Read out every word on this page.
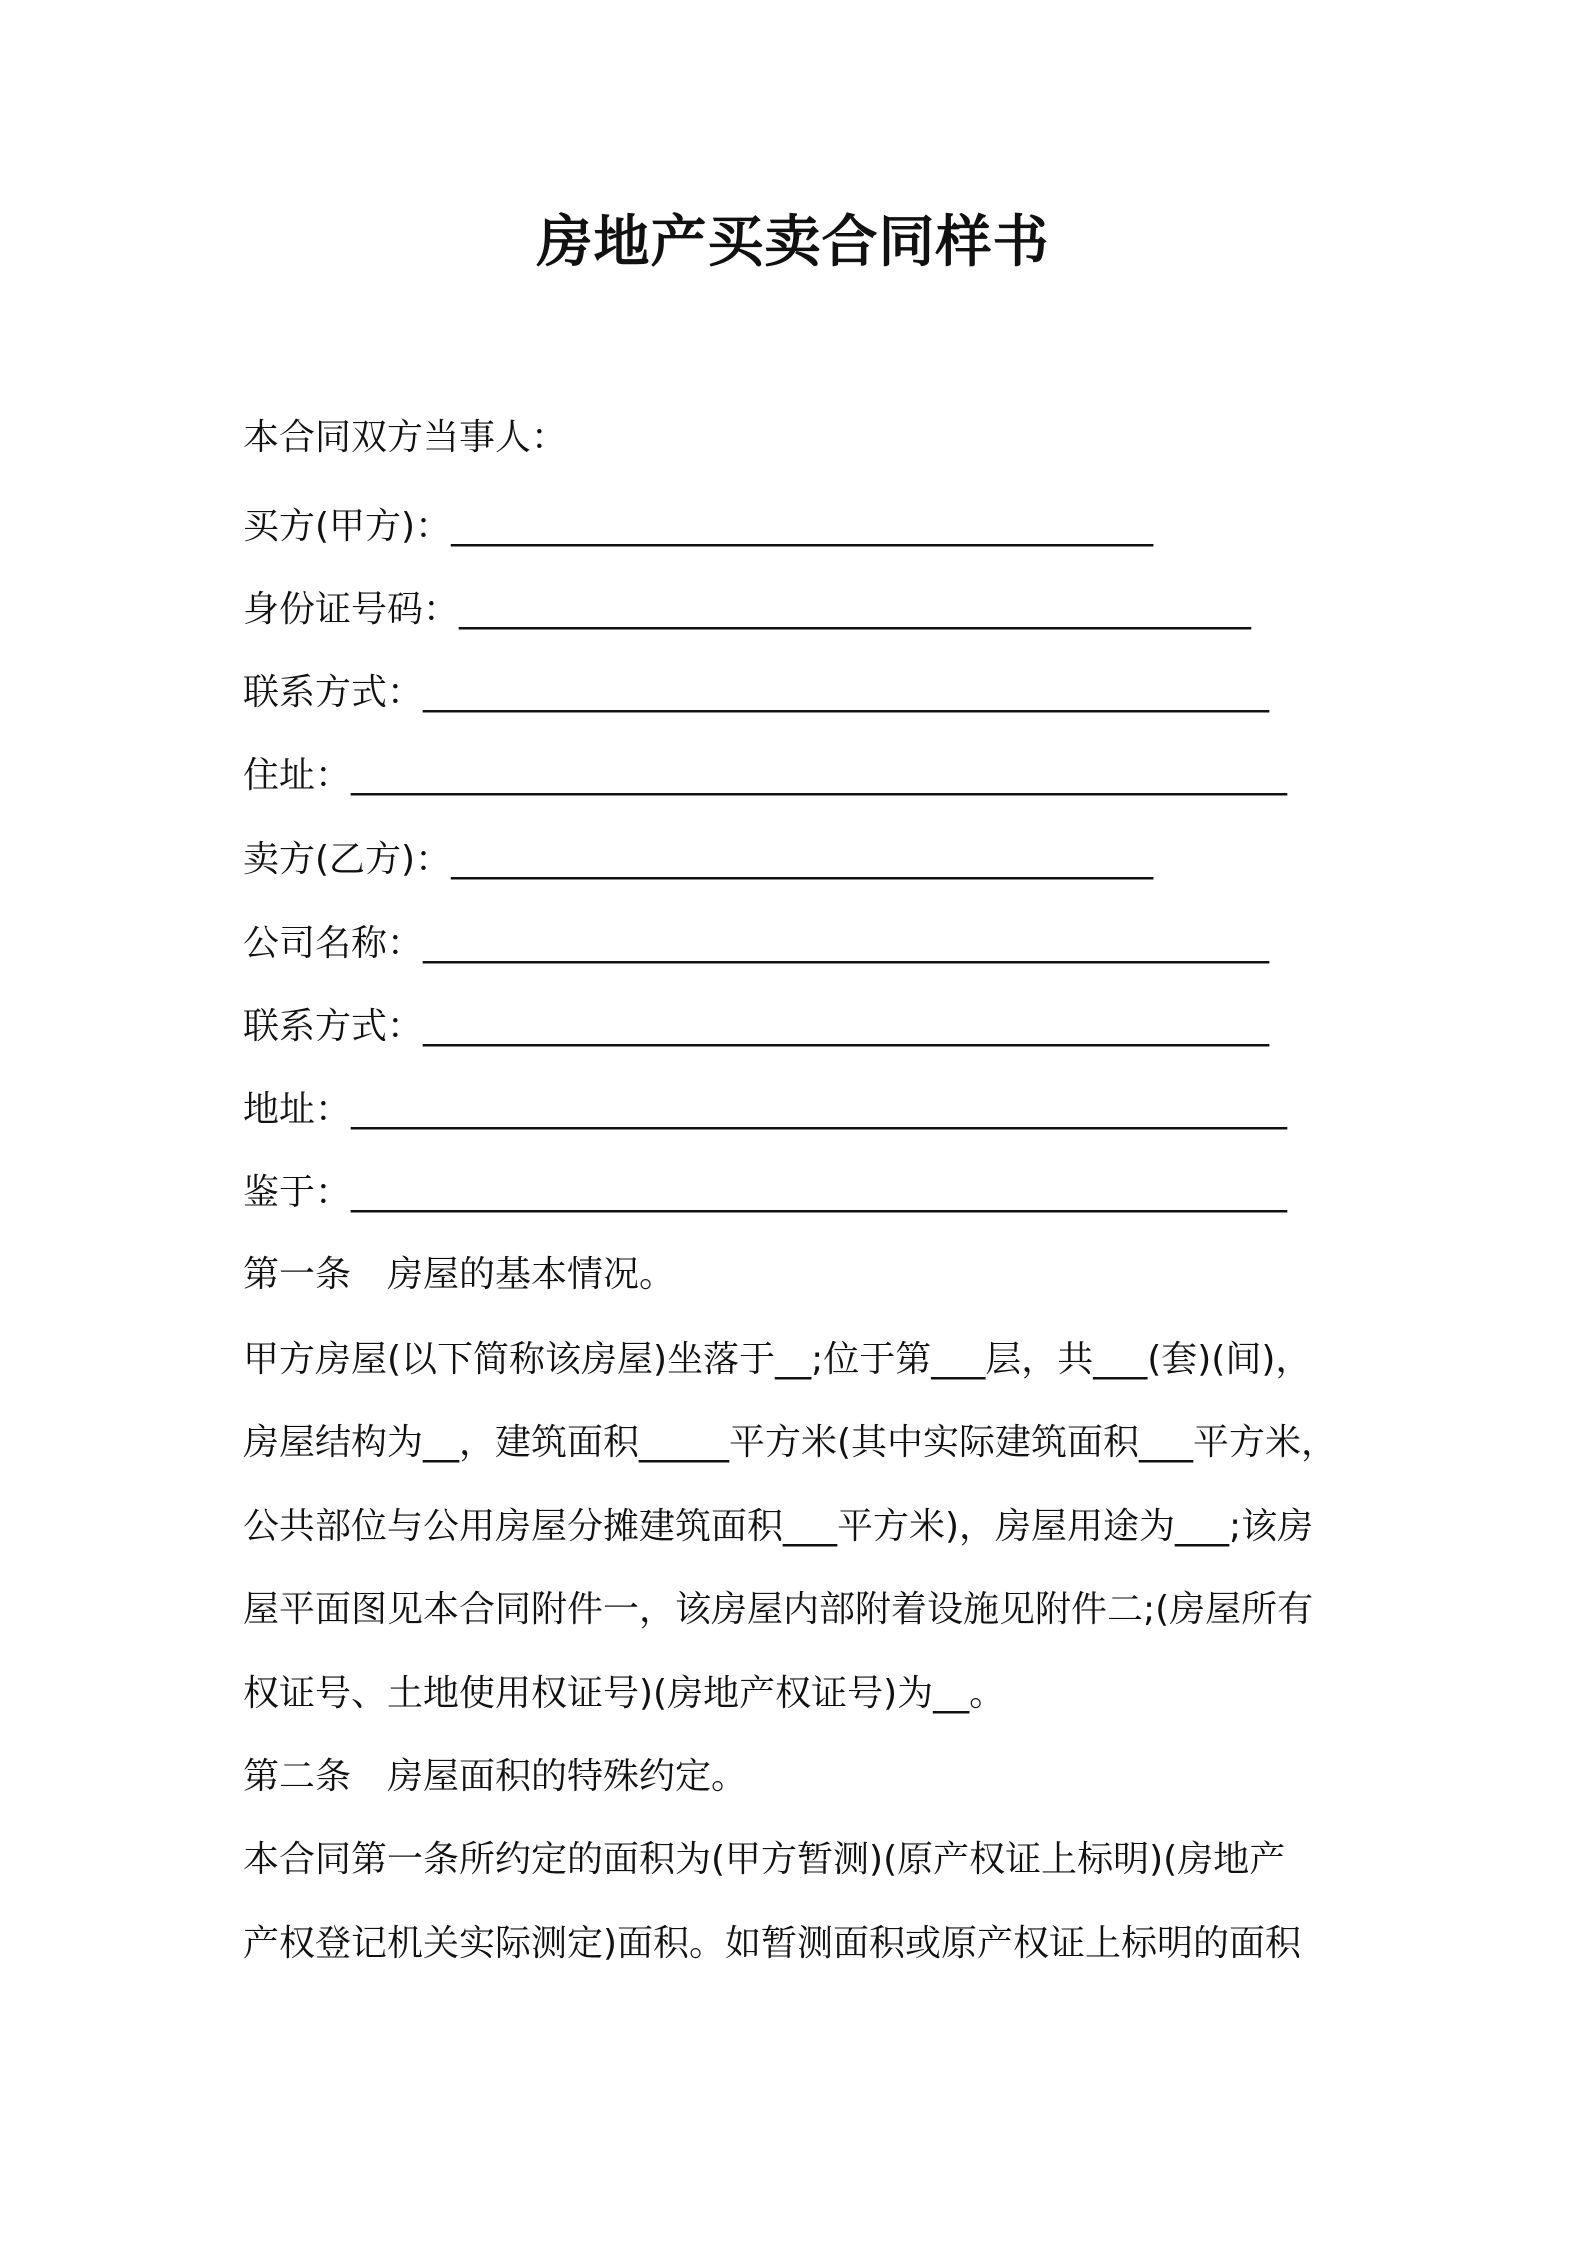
房地产买卖合同样书

本合同双方当事人：

买方(甲方)：_______________________________________

身份证号码：____________________________________________

联系方式：_______________________________________________

住址：____________________________________________________

卖方(乙方)：_______________________________________

公司名称：_______________________________________________

联系方式：_______________________________________________

地址：____________________________________________________

鉴于：____________________________________________________

第一条 房屋的基本情况。

甲方房屋(以下简称该房屋)坐落于__;位于第___层，共___(套)(间)，

房屋结构为__，建筑面积_____平方米(其中实际建筑面积___平方米，

公共部位与公用房屋分摊建筑面积___平方米)，房屋用途为___;该房

屋平面图见本合同附件一，该房屋内部附着设施见附件二;(房屋所有

权证号、土地使用权证号)(房地产权证号)为__。

第二条 房屋面积的特殊约定。

本合同第一条所约定的面积为(甲方暂测)(原产权证上标明)(房地产

产权登记机关实际测定)面积。如暂测面积或原产权证上标明的面积
